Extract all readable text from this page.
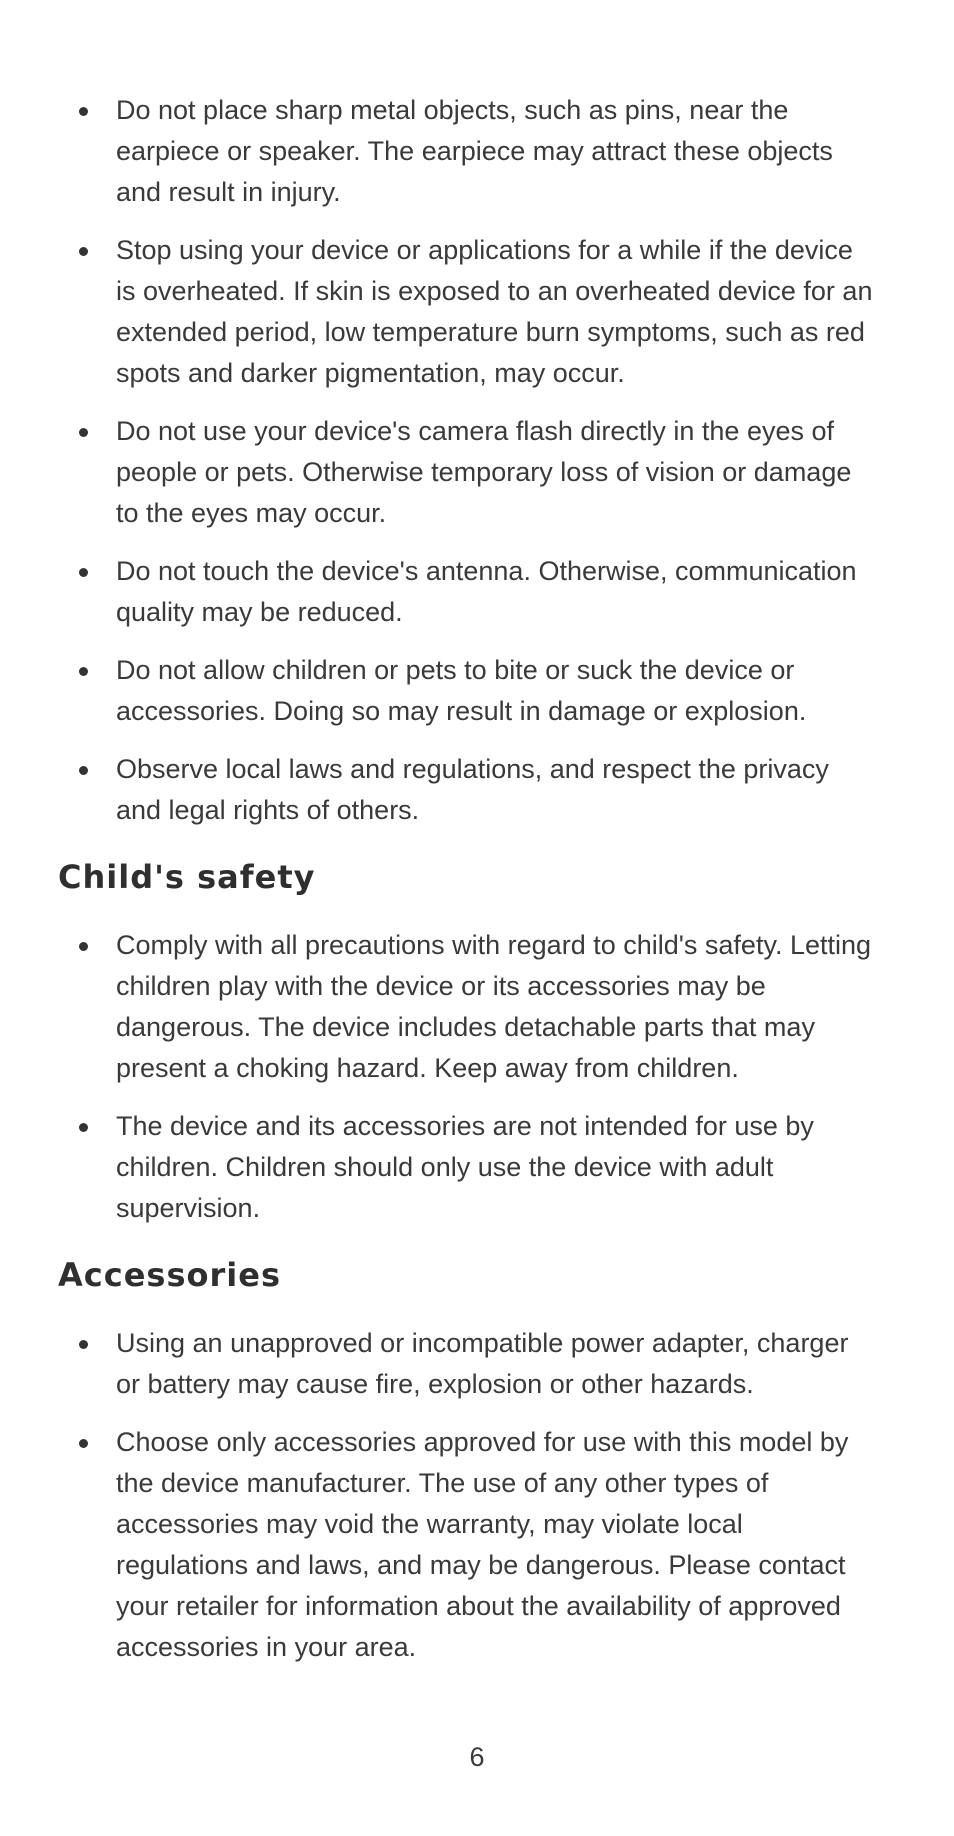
Do not place sharp metal objects, such as pins, near the earpiece or speaker. The earpiece may attract these objects and result in injury.
Stop using your device or applications for a while if the device is overheated. If skin is exposed to an overheated device for an extended period, low temperature burn symptoms, such as red spots and darker pigmentation, may occur.
Do not use your device's camera flash directly in the eyes of people or pets. Otherwise temporary loss of vision or damage to the eyes may occur.
Do not touch the device's antenna. Otherwise, communication quality may be reduced.
Do not allow children or pets to bite or suck the device or accessories. Doing so may result in damage or explosion.
Observe local laws and regulations, and respect the privacy and legal rights of others.
Child's safety
Comply with all precautions with regard to child's safety. Letting children play with the device or its accessories may be dangerous. The device includes detachable parts that may present a choking hazard. Keep away from children.
The device and its accessories are not intended for use by children. Children should only use the device with adult supervision.
Accessories
Using an unapproved or incompatible power adapter, charger or battery may cause fire, explosion or other hazards.
Choose only accessories approved for use with this model by the device manufacturer. The use of any other types of accessories may void the warranty, may violate local regulations and laws, and may be dangerous. Please contact your retailer for information about the availability of approved accessories in your area.
6
